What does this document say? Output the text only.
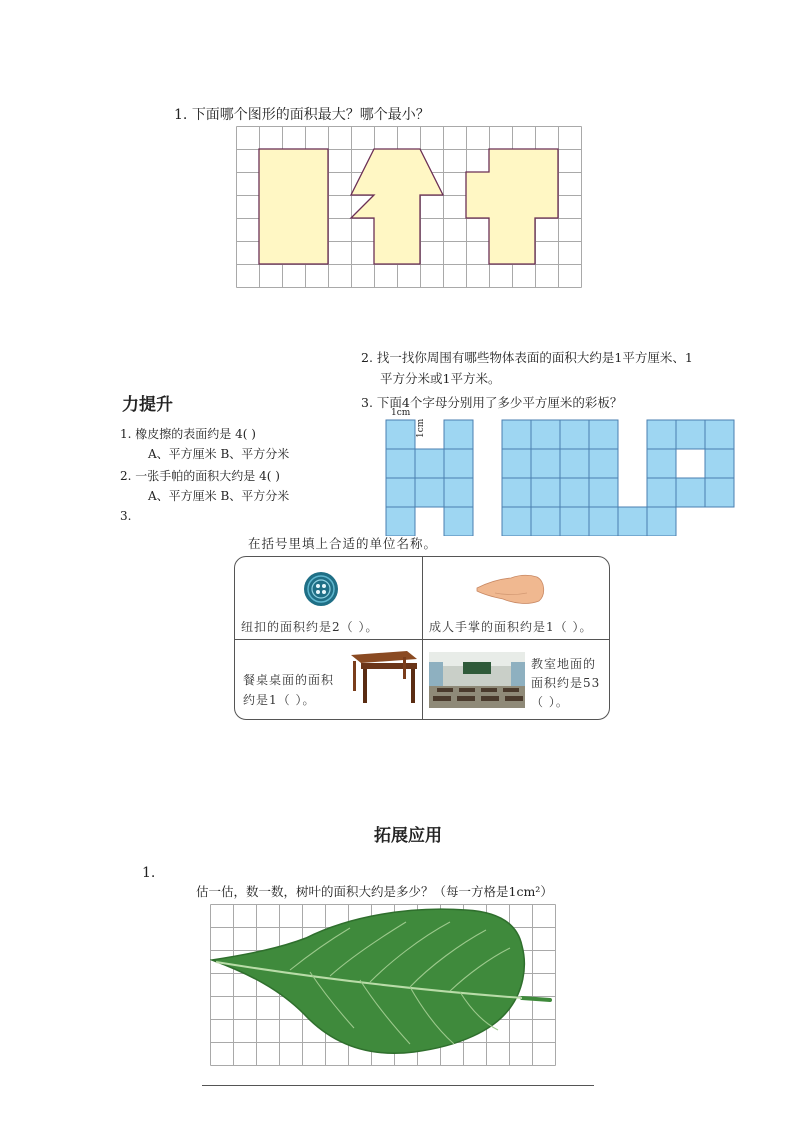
1. 下面哪个图形的面积最大？哪个最小？
力提升
1. 橡皮擦的表面约是 4( )
A、平方厘米 B、平方分米
2. 一张手帕的面积大约是 4( )
A、平方厘米 B、平方分米
3.
2. 找一找你周围有哪些物体表面的面积大约是1平方厘米、1
平方分米或1平方米。
3. 下面4个字母分别用了多少平方厘米的彩板？
1cm
1cm
在括号里填上合适的单位名称。
纽扣的面积约是2（ ）。	成人手掌的面积约是1（ ）。
餐桌桌面的面积
约是1（ ）。
教室地面的
面积约是53
（ ）。
拓展应用
1.
估一估，数一数，树叶的面积大约是多少？（每一方格是1cm²）
